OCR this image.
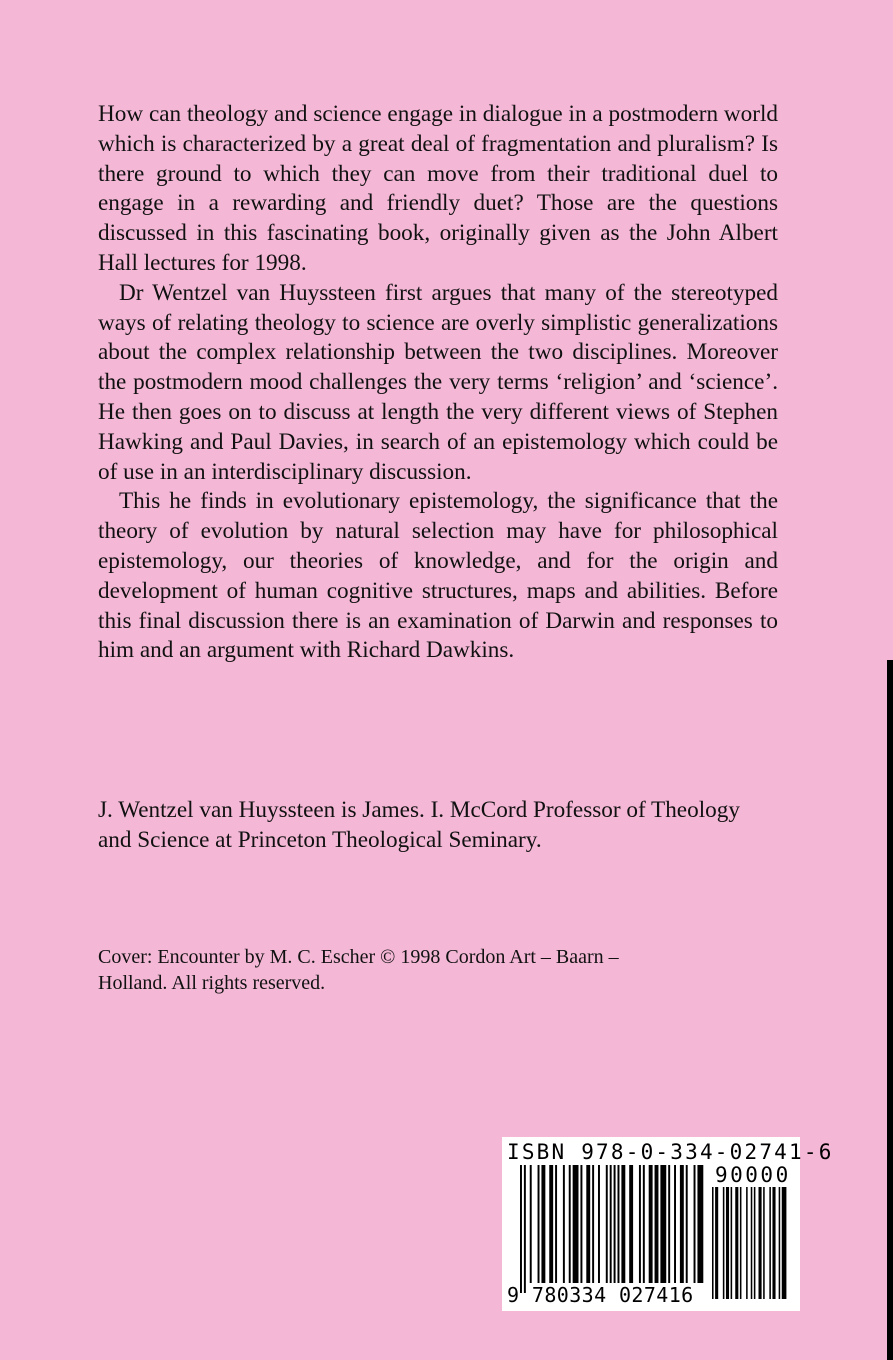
How can theology and science engage in dialogue in a postmodern world which is characterized by a great deal of fragmentation and pluralism? Is there ground to which they can move from their traditional duel to engage in a rewarding and friendly duet? Those are the questions discussed in this fascinating book, originally given as the John Albert Hall lectures for 1998.

Dr Wentzel van Huyssteen first argues that many of the stereotyped ways of relating theology to science are overly simplistic generalizations about the complex relationship between the two disciplines. Moreover the postmodern mood challenges the very terms ‘religion’ and ‘science’. He then goes on to discuss at length the very different views of Stephen Hawking and Paul Davies, in search of an epistemology which could be of use in an interdisciplinary discussion.

This he finds in evolutionary epistemology, the significance that the theory of evolution by natural selection may have for philosophical epistemology, our theories of knowledge, and for the origin and development of human cognitive structures, maps and abilities. Before this final discussion there is an examination of Darwin and responses to him and an argument with Richard Dawkins.

J. Wentzel van Huyssteen is James. I. McCord Professor of Theology and Science at Princeton Theological Seminary.

Cover: Encounter by M. C. Escher © 1998 Cordon Art – Baarn –
Holland. All rights reserved.
ISBN 978-0-334-02741-6
90000
9 780334 027416
